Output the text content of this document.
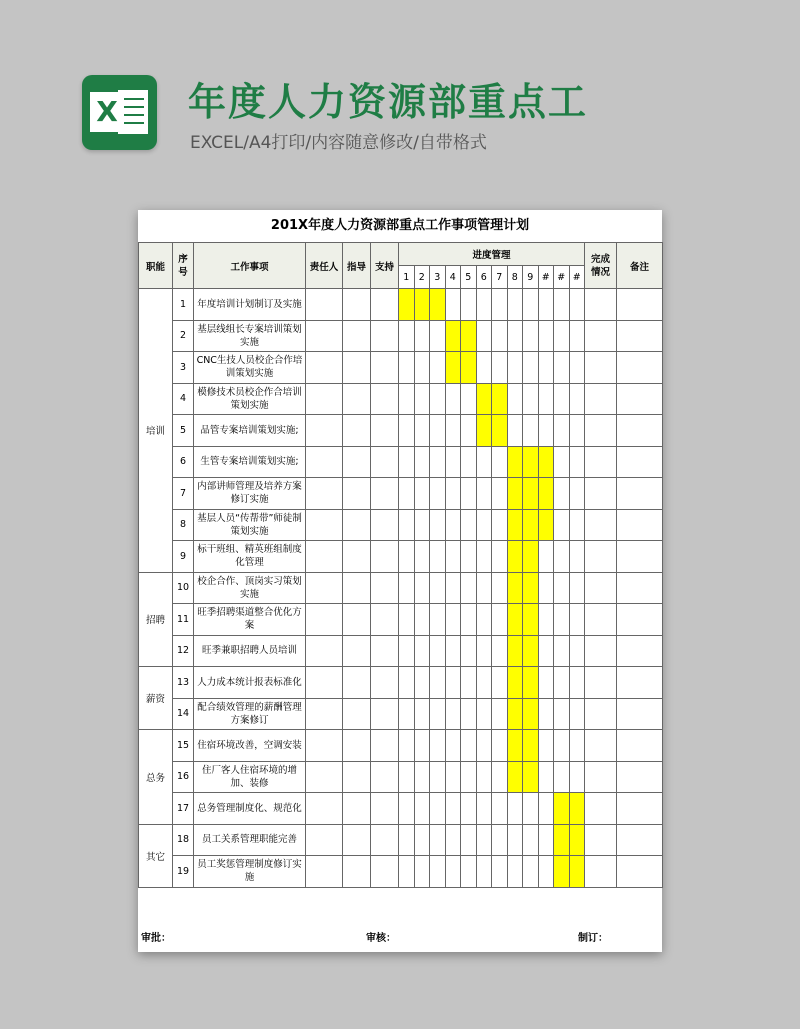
X 年度人力资源部重点工
EXCEL/A4打印/内容随意修改/自带格式
201X年度人力资源部重点工作事项管理计划
职能	序号	工作事项	责任人	指导	支持	进度管理												完成情况	备注
						1	2	3	4	5	6	7	8	9	#	#	#		
培训	1	年度培训计划制订及实施																	
	2	基层线组长专案培训策划实施																	
	3	CNC生技人员校企合作培训策划实施																	
	4	模修技术员校企作合培训策划实施																	
	5	品管专案培训策划实施;																	
	6	生管专案培训策划实施;																	
	7	内部讲师管理及培养方案修订实施																	
	8	基层人员“传帮带”师徒制策划实施																	
	9	标干班组、精英班组制度化管理																	
招聘	10	校企合作、顶岗实习策划实施																	
	11	旺季招聘渠道整合优化方案																	
	12	旺季兼职招聘人员培训																	
薪资	13	人力成本统计报表标准化																	
	14	配合绩效管理的薪酬管理方案修订																	
总务	15	住宿环境改善，空调安装																	
	16	住厂客人住宿环境的增加、装修																	
	17	总务管理制度化、规范化																	
其它	18	员工关系管理职能完善																	
	19	员工奖惩管理制度修订实施																	
审批：	审核：	制订：
